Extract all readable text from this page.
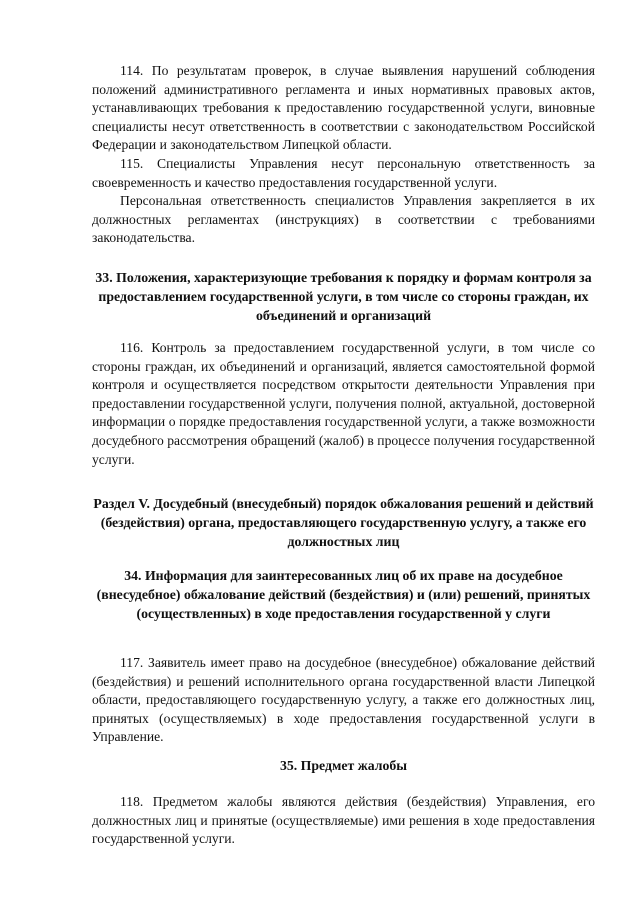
114. По результатам проверок, в случае выявления нарушений соблюдения положений административного регламента и иных нормативных правовых актов, устанавливающих требования к предоставлению государственной услуги, виновные специалисты несут ответственность в соответствии с законодательством Российской Федерации и законодательством Липецкой области.

115. Специалисты Управления несут персональную ответственность за своевременность и качество предоставления государственной услуги.

Персональная ответственность специалистов Управления закрепляется в их должностных регламентах (инструкциях) в соответствии с требованиями законодательства.

33. Положения, характеризующие требования к порядку и формам контроля за предоставлением государственной услуги, в том числе со стороны граждан, их объединений и организаций

116. Контроль за предоставлением государственной услуги, в том числе со стороны граждан, их объединений и организаций, является самостоятельной формой контроля и осуществляется посредством открытости деятельности Управления при предоставлении государственной услуги, получения полной, актуальной, достоверной информации о порядке предоставления государственной услуги, а также возможности досудебного рассмотрения обращений (жалоб) в процессе получения государственной услуги.

Раздел V. Досудебный (внесудебный) порядок обжалования решений и действий (бездействия) органа, предоставляющего государственную услугу, а также его должностных лиц

34. Информация для заинтересованных лиц об их праве на досудебное (внесудебное) обжалование действий (бездействия) и (или) решений, принятых (осуществленных) в ходе предоставления государственной у слуги

117. Заявитель имеет право на досудебное (внесудебное) обжалование действий (бездействия) и решений исполнительного органа государственной власти Липецкой области, предоставляющего государственную услугу, а также его должностных лиц, принятых (осуществляемых) в ходе предоставления государственной услуги в Управление.

35. Предмет жалобы

118. Предметом жалобы являются действия (бездействия) Управления, его должностных лиц и принятые (осуществляемые) ими решения в ходе предоставления государственной услуги.
